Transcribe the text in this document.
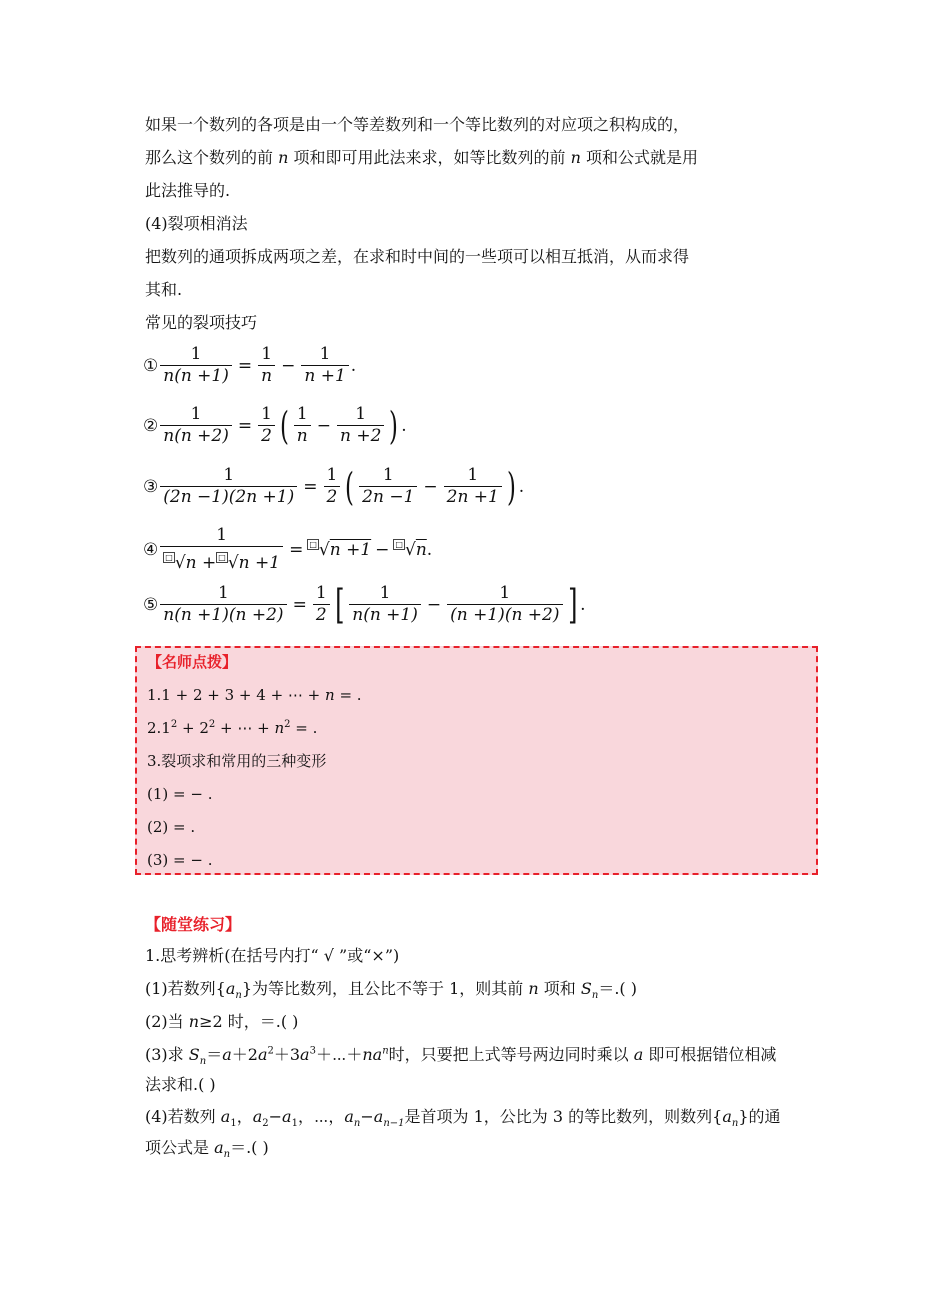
如果一个数列的各项是由一个等差数列和一个等比数列的对应项之积构成的，
那么这个数列的前 n 项和即可用此法来求，如等比数列的前 n 项和公式就是用
此法推导的.
(4)裂项相消法
把数列的通项拆成两项之差，在求和时中间的一些项可以相互抵消，从而求得
其和.
常见的裂项技巧
① $\frac{1}{n(n +1)} = \frac{1}{n} - \frac{1}{n +1}$ .
② $\frac{1}{n(n +2)} = \frac{1}{2}$ ( $\frac{1}{n} - \frac{1}{n +2}$ ) .
③ $\frac{1}{(2n -1)(2n +1)} = \frac{1}{2}$ ( $\frac{1}{2n -1} - \frac{1}{2n +1}$ ) .
④ $\frac{1}{^□ √n + ^□ √n +1} = ^□$ √n +1 − □ √n .
⑤ $\frac{1}{n(n +1)(n +2)} = \frac{1}{2}$ [ $\frac{1}{n(n +1)} - \frac{1}{(n +1)(n +2)}$ ] .
【名师点拨】
1.1 + 2 + 3 + 4 + ⋯ + n = .
$2.1^2 + 2^2$ + ⋯ + $n^2$ = .
3.裂项求和常用的三种变形
(1) = − .
(2) = .
(3) = − .
【随堂练习】
1.思考辨析(在括号内打“ √ ”或“×”)
(1)若数列$\{a_n\}$为等比数列，且公比不等于 1，则其前 n 项和 $S_n=$.( )
(2)当 n≥2 时，＝.( )
(3)求 $S_n=a+2a^2+3a^3+\cdots+na^n$时，只要把上式等号两边同时乘以 a 即可根据错位相减
法求和.( )
(4)若数列 $a_1$，$a_2-a_1$，⋯，$a_n-a_{n-1}$是首项为 1，公比为 3 的等比数列，则数列$\{a_n\}$的通
项公式是 $a_n=$.( )
